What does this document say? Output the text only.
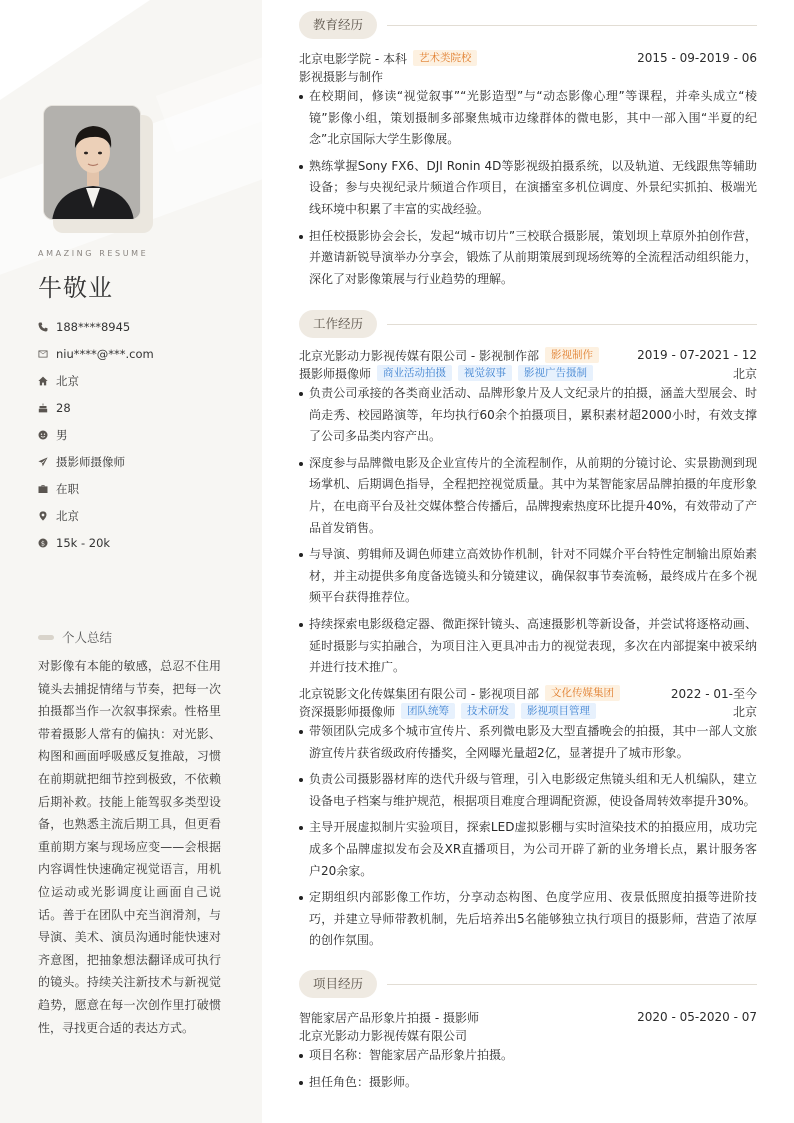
AMAZING RESUME
牛敬业
188****8945
niu****@***.com
北京
28
男
摄影师摄像师
在职
北京
$ 15k - 20k
个人总结
对影像有本能的敏感，总忍不住用镜头去捕捉情绪与节奏，把每一次拍摄都当作一次叙事探索。性格里带着摄影人常有的偏执：对光影、构图和画面呼吸感反复推敲，习惯在前期就把细节控到极致，不依赖后期补救。技能上能驾驭多类型设备，也熟悉主流后期工具，但更看重前期方案与现场应变——会根据内容调性快速确定视觉语言，用机位运动或光影调度让画面自己说话。善于在团队中充当润滑剂，与导演、美术、演员沟通时能快速对齐意图，把抽象想法翻译成可执行的镜头。持续关注新技术与新视觉趋势，愿意在每一次创作里打破惯性，寻找更合适的表达方式。
教育经历
北京电影学院 - 本科	艺术类院校	2015 - 09-2019 - 06
影视摄影与制作
在校期间，修读“视觉叙事”“光影造型”与“动态影像心理”等课程，并牵头成立“棱镜”影像小组，策划摄制多部聚焦城市边缘群体的微电影，其中一部入围“半夏的纪念”北京国际大学生影像展。
熟练掌握Sony FX6、DJI Ronin 4D等影视级拍摄系统，以及轨道、无线跟焦等辅助设备；参与央视纪录片频道合作项目，在演播室多机位调度、外景纪实抓拍、极端光线环境中积累了丰富的实战经验。
担任校摄影协会会长，发起“城市切片”三校联合摄影展，策划坝上草原外拍创作营，并邀请新锐导演举办分享会，锻炼了从前期策展到现场统筹的全流程活动组织能力，深化了对影像策展与行业趋势的理解。
工作经历
北京光影动力影视传媒有限公司 - 影视制作部	影视制作	2019 - 07-2021 - 12
摄影师摄像师	商业活动拍摄	视觉叙事	影视广告摄制	北京
负责公司承接的各类商业活动、品牌形象片及人文纪录片的拍摄，涵盖大型展会、时尚走秀、校园路演等，年均执行60余个拍摄项目，累积素材超2000小时，有效支撑了公司多品类内容产出。
深度参与品牌微电影及企业宣传片的全流程制作，从前期的分镜讨论、实景勘测到现场掌机、后期调色指导，全程把控视觉质量。其中为某智能家居品牌拍摄的年度形象片，在电商平台及社交媒体整合传播后，品牌搜索热度环比提升40%，有效带动了产品首发销售。
与导演、剪辑师及调色师建立高效协作机制，针对不同媒介平台特性定制输出原始素材，并主动提供多角度备选镜头和分镜建议，确保叙事节奏流畅，最终成片在多个视频平台获得推荐位。
持续探索电影级稳定器、微距探针镜头、高速摄影机等新设备，并尝试将逐格动画、延时摄影与实拍融合，为项目注入更具冲击力的视觉表现，多次在内部提案中被采纳并进行技术推广。
北京锐影文化传媒集团有限公司 - 影视项目部	文化传媒集团	2022 - 01-至今
资深摄影师摄像师	团队统筹	技术研发	影视项目管理	北京
带领团队完成多个城市宣传片、系列微电影及大型直播晚会的拍摄，其中一部人文旅游宣传片获省级政府传播奖，全网曝光量超2亿，显著提升了城市形象。
负责公司摄影器材库的迭代升级与管理，引入电影级定焦镜头组和无人机编队，建立设备电子档案与维护规范，根据项目难度合理调配资源，使设备周转效率提升30%。
主导开展虚拟制片实验项目，探索LED虚拟影棚与实时渲染技术的拍摄应用，成功完成多个品牌虚拟发布会及XR直播项目，为公司开辟了新的业务增长点，累计服务客户20余家。
定期组织内部影像工作坊，分享动态构图、色度学应用、夜景低照度拍摄等进阶技巧，并建立导师带教机制，先后培养出5名能够独立执行项目的摄影师，营造了浓厚的创作氛围。
项目经历
智能家居产品形象片拍摄 - 摄影师	2020 - 05-2020 - 07
北京光影动力影视传媒有限公司
项目名称：智能家居产品形象片拍摄。
担任角色：摄影师。
